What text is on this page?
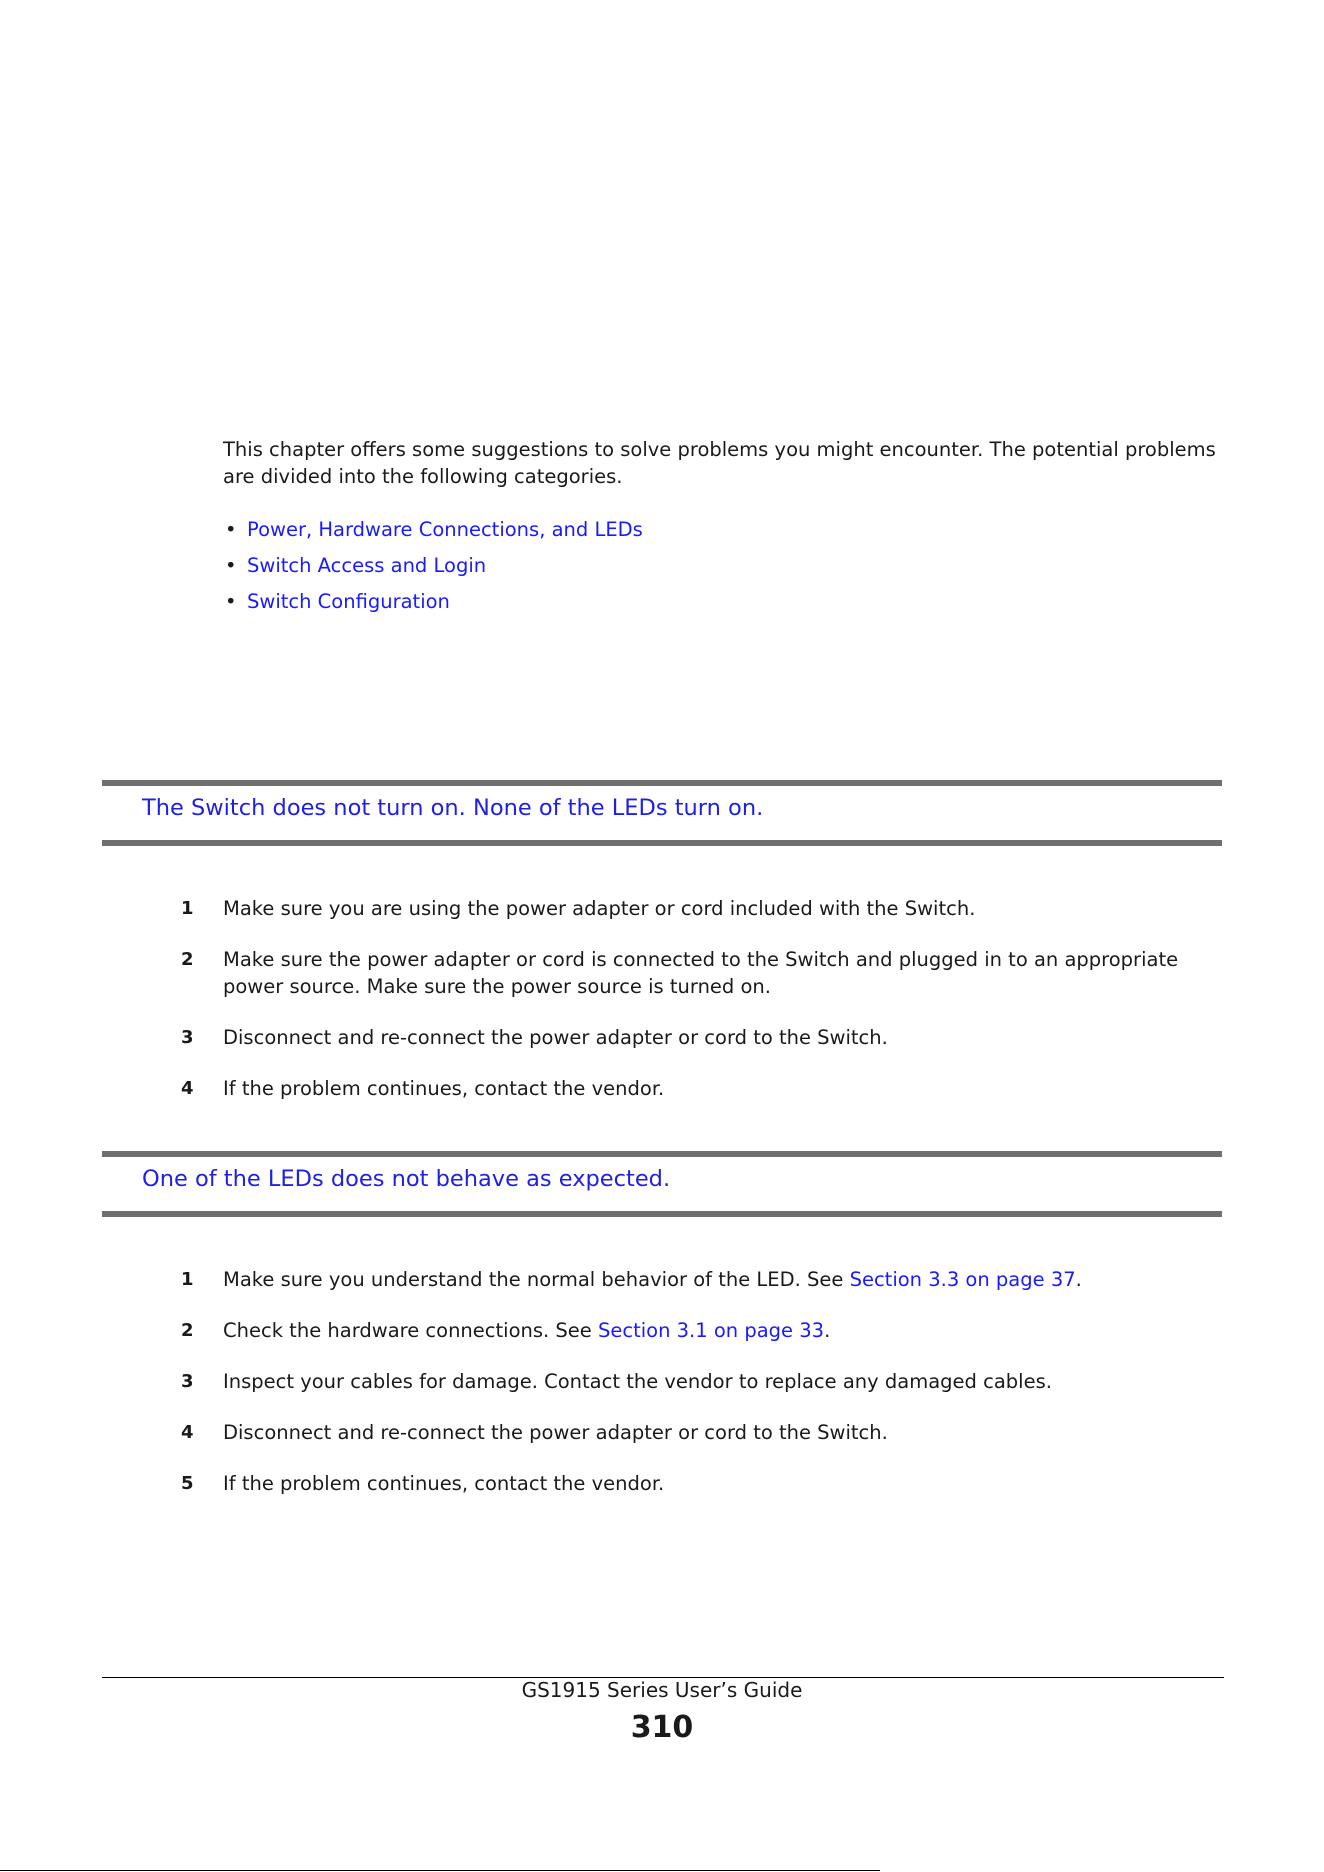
This chapter offers some suggestions to solve problems you might encounter. The potential problems are divided into the following categories.
• Power, Hardware Connections, and LEDs
• Switch Access and Login
• Switch Configuration
The Switch does not turn on. None of the LEDs turn on.
1 Make sure you are using the power adapter or cord included with the Switch.
2 Make sure the power adapter or cord is connected to the Switch and plugged in to an appropriate power source. Make sure the power source is turned on.
3 Disconnect and re-connect the power adapter or cord to the Switch.
4 If the problem continues, contact the vendor.
One of the LEDs does not behave as expected.
1 Make sure you understand the normal behavior of the LED. See Section 3.3 on page 37.
2 Check the hardware connections. See Section 3.1 on page 33.
3 Inspect your cables for damage. Contact the vendor to replace any damaged cables.
4 Disconnect and re-connect the power adapter or cord to the Switch.
5 If the problem continues, contact the vendor.
GS1915 Series User’s Guide
310
